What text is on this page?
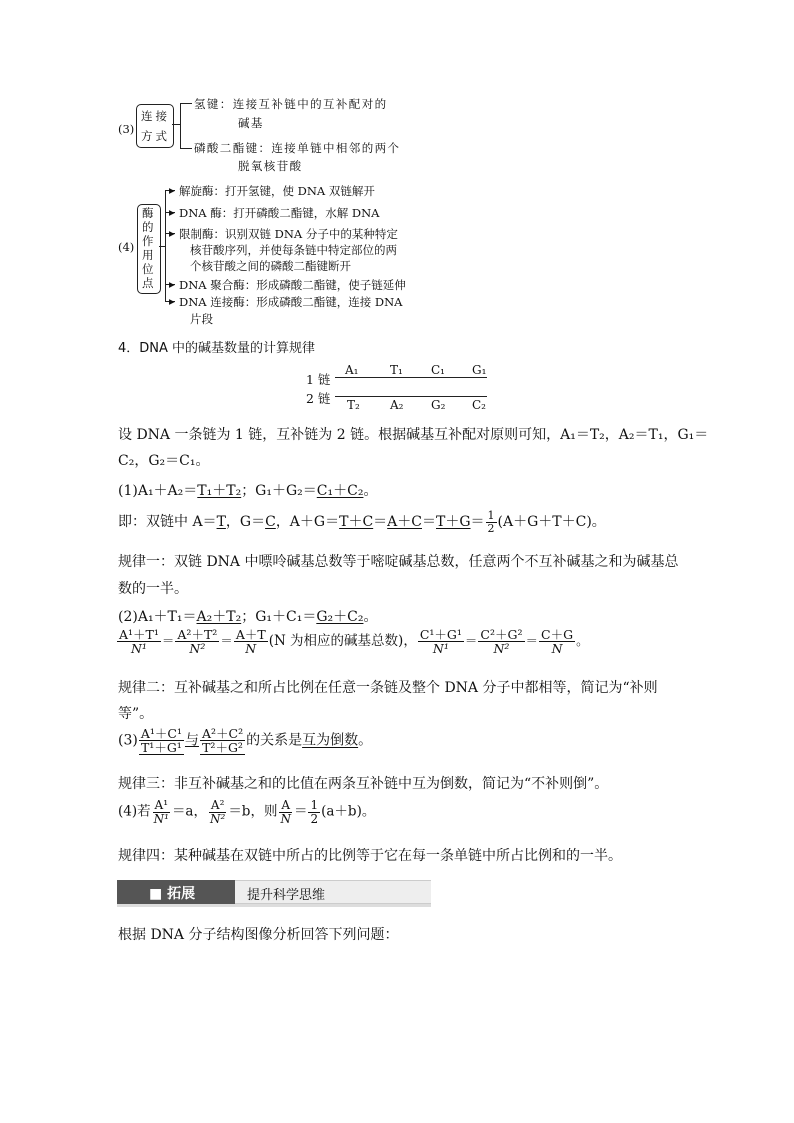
(3)
连接
方式
氢键：连接互补链中的互补配对的
碱基
磷酸二酯键：连接单链中相邻的两个
脱氧核苷酸
(4)
酶
的
作
用
位
点
▸
▸
▸
▸
▸
解旋酶：打开氢键，使 DNA 双链解开
DNA 酶：打开磷酸二酯键，水解 DNA
限制酶：识别双链 DNA 分子中的某种特定
核苷酸序列，并使每条链中特定部位的两
个核苷酸之间的磷酸二酯键断开
DNA 聚合酶：形成磷酸二酯键，使子链延伸
DNA 连接酶：形成磷酸二酯键，连接 DNA
片段
4．DNA 中的碱基数量的计算规律
1 链
2 链
A₁	T₁ C₁ G₁
T₂	A₂ G₂ C₂
设 DNA 一条链为 1 链，互补链为 2 链。根据碱基互补配对原则可知，A₁＝T₂，A₂＝T₁，G₁＝
C₂，G₂＝C₁。
(1)A₁＋A₂＝T₁＋T₂；G₁＋G₂＝C₁＋C₂。
即：双链中 A＝T，G＝C，$A+G=T+C=A+C=T+G= \frac{1}{2} (A+G+T+C)$。
规律一：双链 DNA 中嘌呤碱基总数等于嘧啶碱基总数，任意两个不互补碱基之和为碱基总
数的一半。
(2)A₁＋T₁＝A₂＋T₂；G₁＋C₁＝G₂＋C₂。
$\frac{\text{A¹＋T¹}}{\text{N¹}} = \frac{\text{A²＋T²}}{\text{N²}} = \frac{A+T}{N} (N$ 为相应的碱基总数)， $\frac{\text{C¹＋G¹}}{\text{N¹}} = \frac{\text{C²＋G²}}{\text{N²}} = \frac{C+G}{N}$ 。
规律二：互补碱基之和所占比例在任意一条链及整个 DNA 分子中都相等，简记为“补则
等”。
$(3) \frac{\text{A¹＋C¹}}{\text{T¹＋G¹}}$ 与 $\frac{\text{A²＋C²}}{\text{T²＋G²}}$ 的关系是互为倒数。
规律三：非互补碱基之和的比值在两条互补链中互为倒数，简记为“不补则倒”。
(4)若 $\frac{\text{A¹}}{\text{N¹}} =a$， $\frac{\text{A²}}{\text{N²}} =b$，则 $\frac{A}{N} = \frac{1}{2} (a+b)$。
规律四：某种碱基在双链中所占的比例等于它在每一条单链中所占比例和的一半。
■ 拓展	提升科学思维
根据 DNA 分子结构图像分析回答下列问题：
